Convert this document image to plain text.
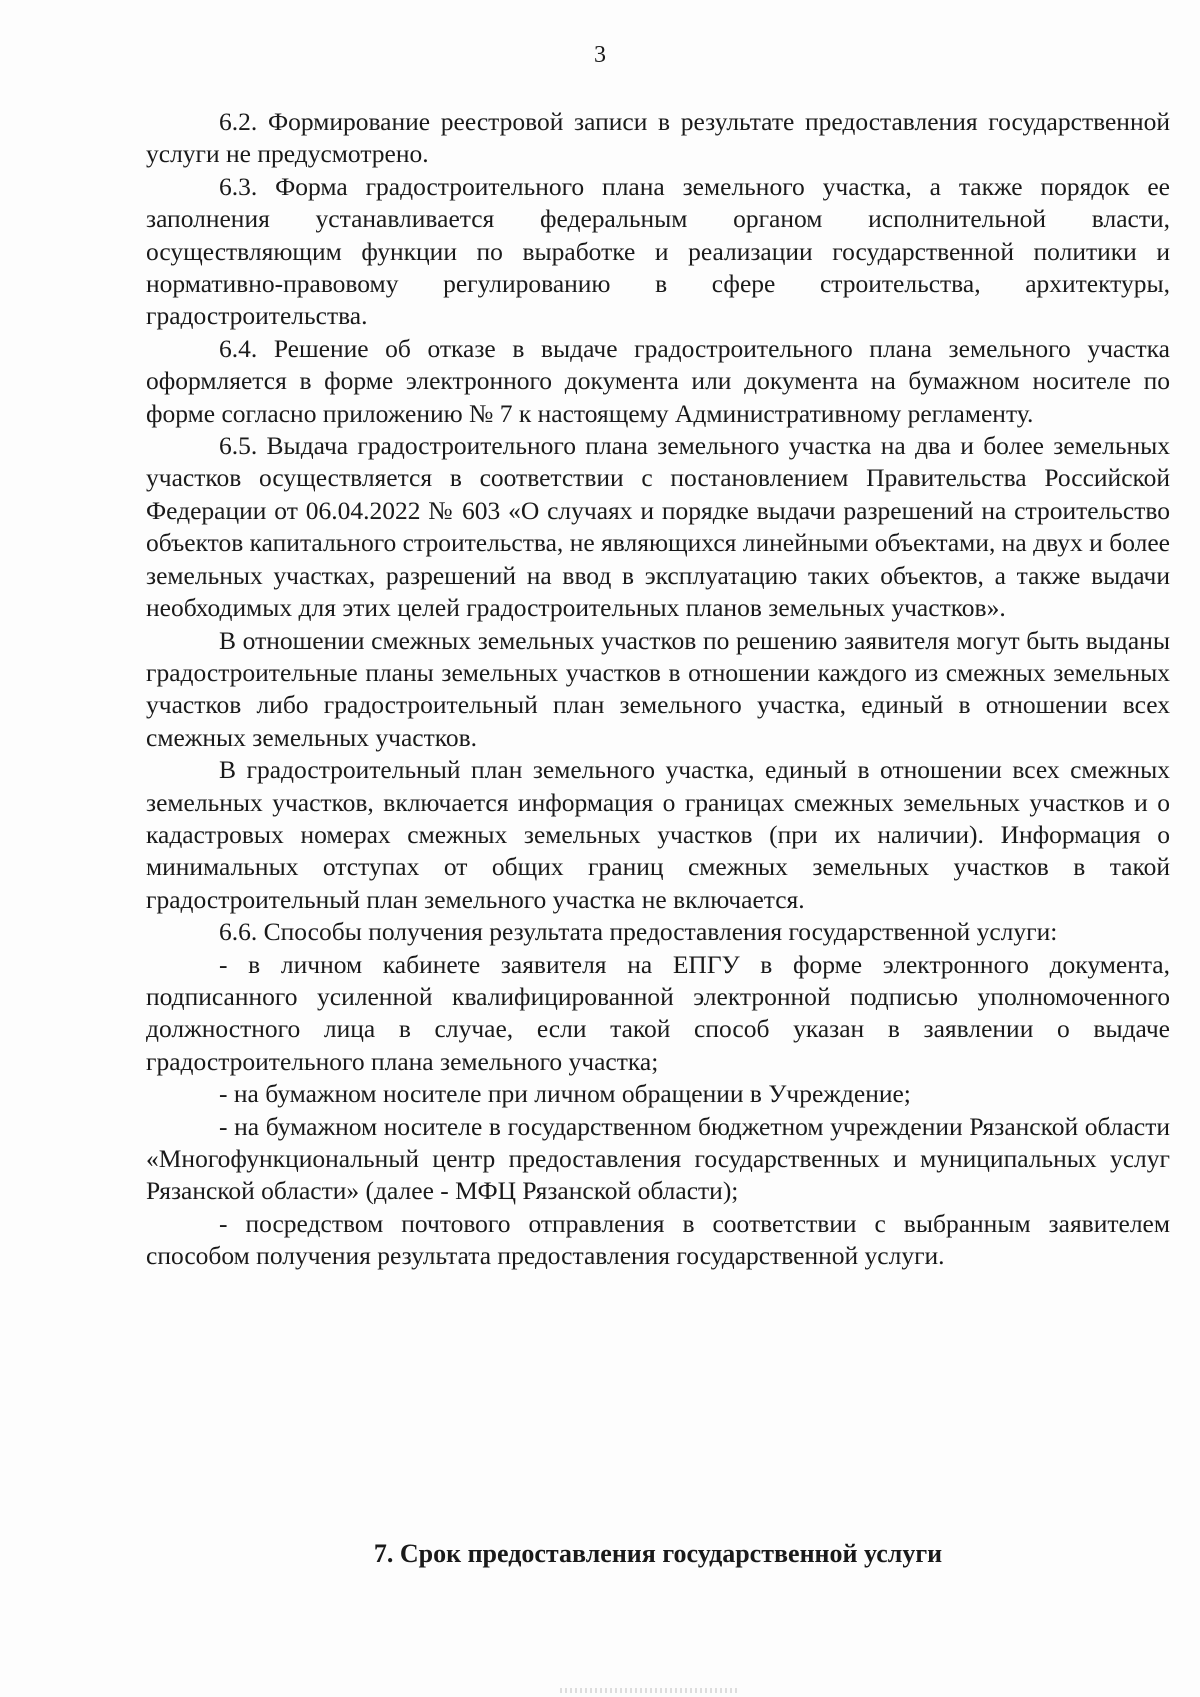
3

6.2. Формирование реестровой записи в результате предоставления государственной услуги не предусмотрено.

6.3. Форма градостроительного плана земельного участка, а также порядок ее заполнения устанавливается федеральным органом исполнительной власти, осуществляющим функции по выработке и реализации государственной политики и нормативно-правовому регулированию в сфере строительства, архитектуры, градостроительства.

6.4. Решение об отказе в выдаче градостроительного плана земельного участка оформляется в форме электронного документа или документа на бумажном носителе по форме согласно приложению № 7 к настоящему Административному регламенту.

6.5. Выдача градостроительного плана земельного участка на два и более земельных участков осуществляется в соответствии с постановлением Правительства Российской Федерации от 06.04.2022 № 603 «О случаях и порядке выдачи разрешений на строительство объектов капитального строительства, не являющихся линейными объектами, на двух и более земельных участках, разрешений на ввод в эксплуатацию таких объектов, а также выдачи необходимых для этих целей градостроительных планов земельных участков».

В отношении смежных земельных участков по решению заявителя могут быть выданы градостроительные планы земельных участков в отношении каждого из смежных земельных участков либо градостроительный план земельного участка, единый в отношении всех смежных земельных участков.

В градостроительный план земельного участка, единый в отношении всех смежных земельных участков, включается информация о границах смежных земельных участков и о кадастровых номерах смежных земельных участков (при их наличии). Информация о минимальных отступах от общих границ смежных земельных участков в такой градостроительный план земельного участка не включается.

6.6. Способы получения результата предоставления государственной услуги:

- в личном кабинете заявителя на ЕПГУ в форме электронного документа, подписанного усиленной квалифицированной электронной подписью уполномоченного должностного лица в случае, если такой способ указан в заявлении о выдаче градостроительного плана земельного участка;

- на бумажном носителе при личном обращении в Учреждение;

- на бумажном носителе в государственном бюджетном учреждении Рязанской области «Многофункциональный центр предоставления государственных и муниципальных услуг Рязанской области» (далее - МФЦ Рязанской области);

- посредством почтового отправления в соответствии с выбранным заявителем способом получения результата предоставления государственной услуги.

7. Срок предоставления государственной услуги
